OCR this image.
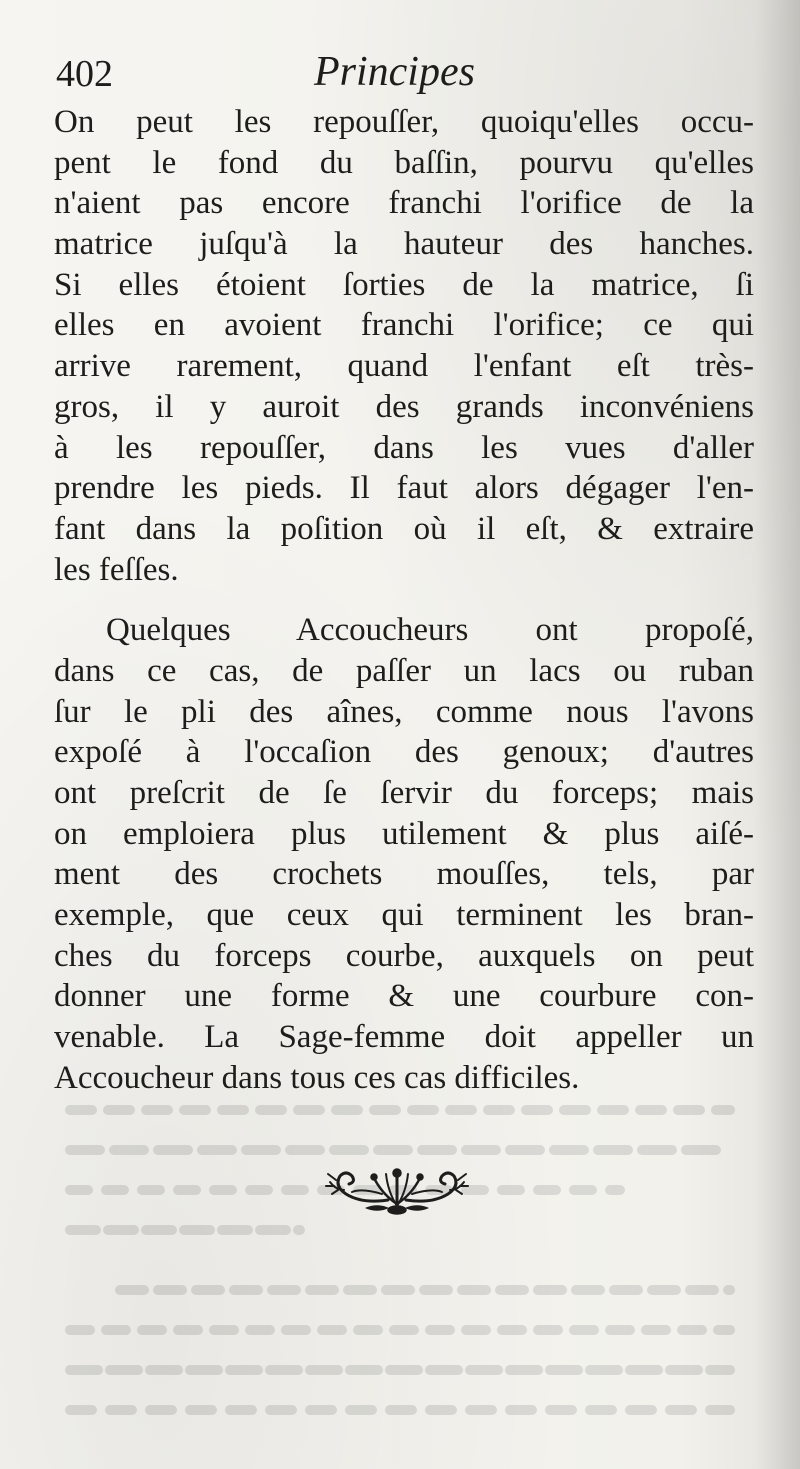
402	Principes
On peut les repouſſer, quoiqu'elles occu-
pent le fond du baſſin, pourvu qu'elles
n'aient pas encore franchi l'orifice de la
matrice juſqu'à la hauteur des hanches.
Si elles étoient ſorties de la matrice, ſi
elles en avoient franchi l'orifice; ce qui
arrive rarement, quand l'enfant eſt très-
gros, il y auroit des grands inconvéniens
à les repouſſer, dans les vues d'aller
prendre les pieds. Il faut alors dégager l'en-
fant dans la poſition où il eſt, & extraire
les feſſes.
Quelques Accoucheurs ont propoſé,
dans ce cas, de paſſer un lacs ou ruban
ſur le pli des aînes, comme nous l'avons
expoſé à l'occaſion des genoux; d'autres
ont preſcrit de ſe ſervir du forceps; mais
on emploiera plus utilement & plus aiſé-
ment des crochets mouſſes, tels, par
exemple, que ceux qui terminent les bran-
ches du forceps courbe, auxquels on peut
donner une forme & une courbure con-
venable. La Sage-femme doit appeller un
Accoucheur dans tous ces cas difficiles.
